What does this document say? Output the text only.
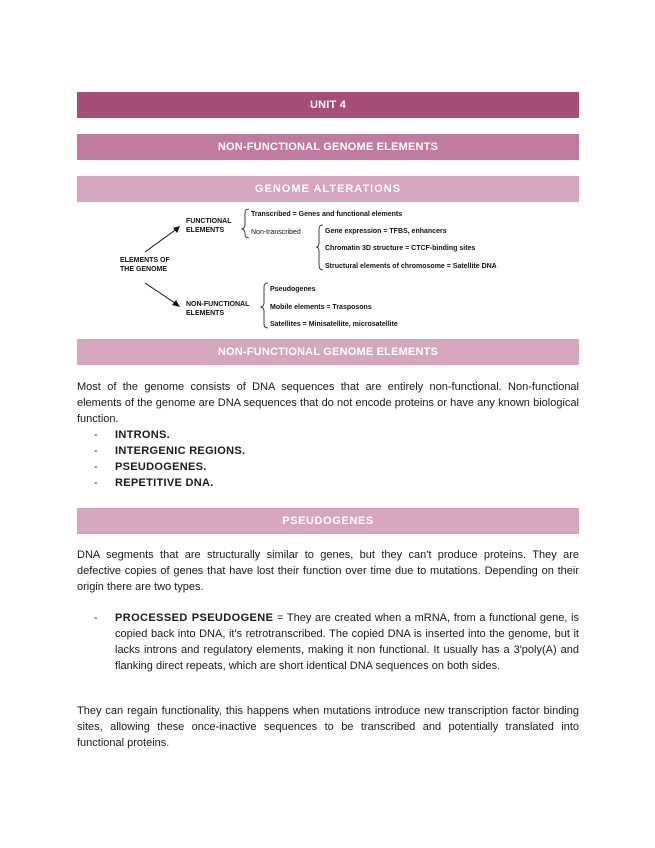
UNIT 4
NON-FUNCTIONAL GENOME ELEMENTS
GENOME ALTERATIONS
ELEMENTS OF
THE GENOME
FUNCTIONAL
ELEMENTS
NON-FUNCTIONAL
ELEMENTS
Transcribed = Genes and functional elements
Non-transcribed	Gene expression = TFBS, enhancers
Chromatin 3D structure = CTCF-binding sites
Structural elements of chromosome = Satellite DNA
Pseudogenes
Mobile elements = Trasposons
Satellites = Minisatellite, microsatellite
NON-FUNCTIONAL GENOME ELEMENTS

Most of the genome consists of DNA sequences that are entirely non-functional. Non-functional elements of the genome are DNA sequences that do not encode proteins or have any known biological function.

-	INTRONS.
-	INTERGENIC REGIONS.
-	PSEUDOGENES.
-	REPETITIVE DNA.
PSEUDOGENES

DNA segments that are structurally similar to genes, but they can't produce proteins. They are defective copies of genes that have lost their function over time due to mutations. Depending on their origin there are two types.

- PROCESSED PSEUDOGENE = They are created when a mRNA, from a functional gene, is copied back into DNA, it's retrotranscribed. The copied DNA is inserted into the genome, but it lacks introns and regulatory elements, making it non functional. It usually has a 3'poly(A) and flanking direct repeats, which are short identical DNA sequences on both sides.

They can regain functionality, this happens when mutations introduce new transcription factor binding sites, allowing these once-inactive sequences to be transcribed and potentially translated into functional proteins.
